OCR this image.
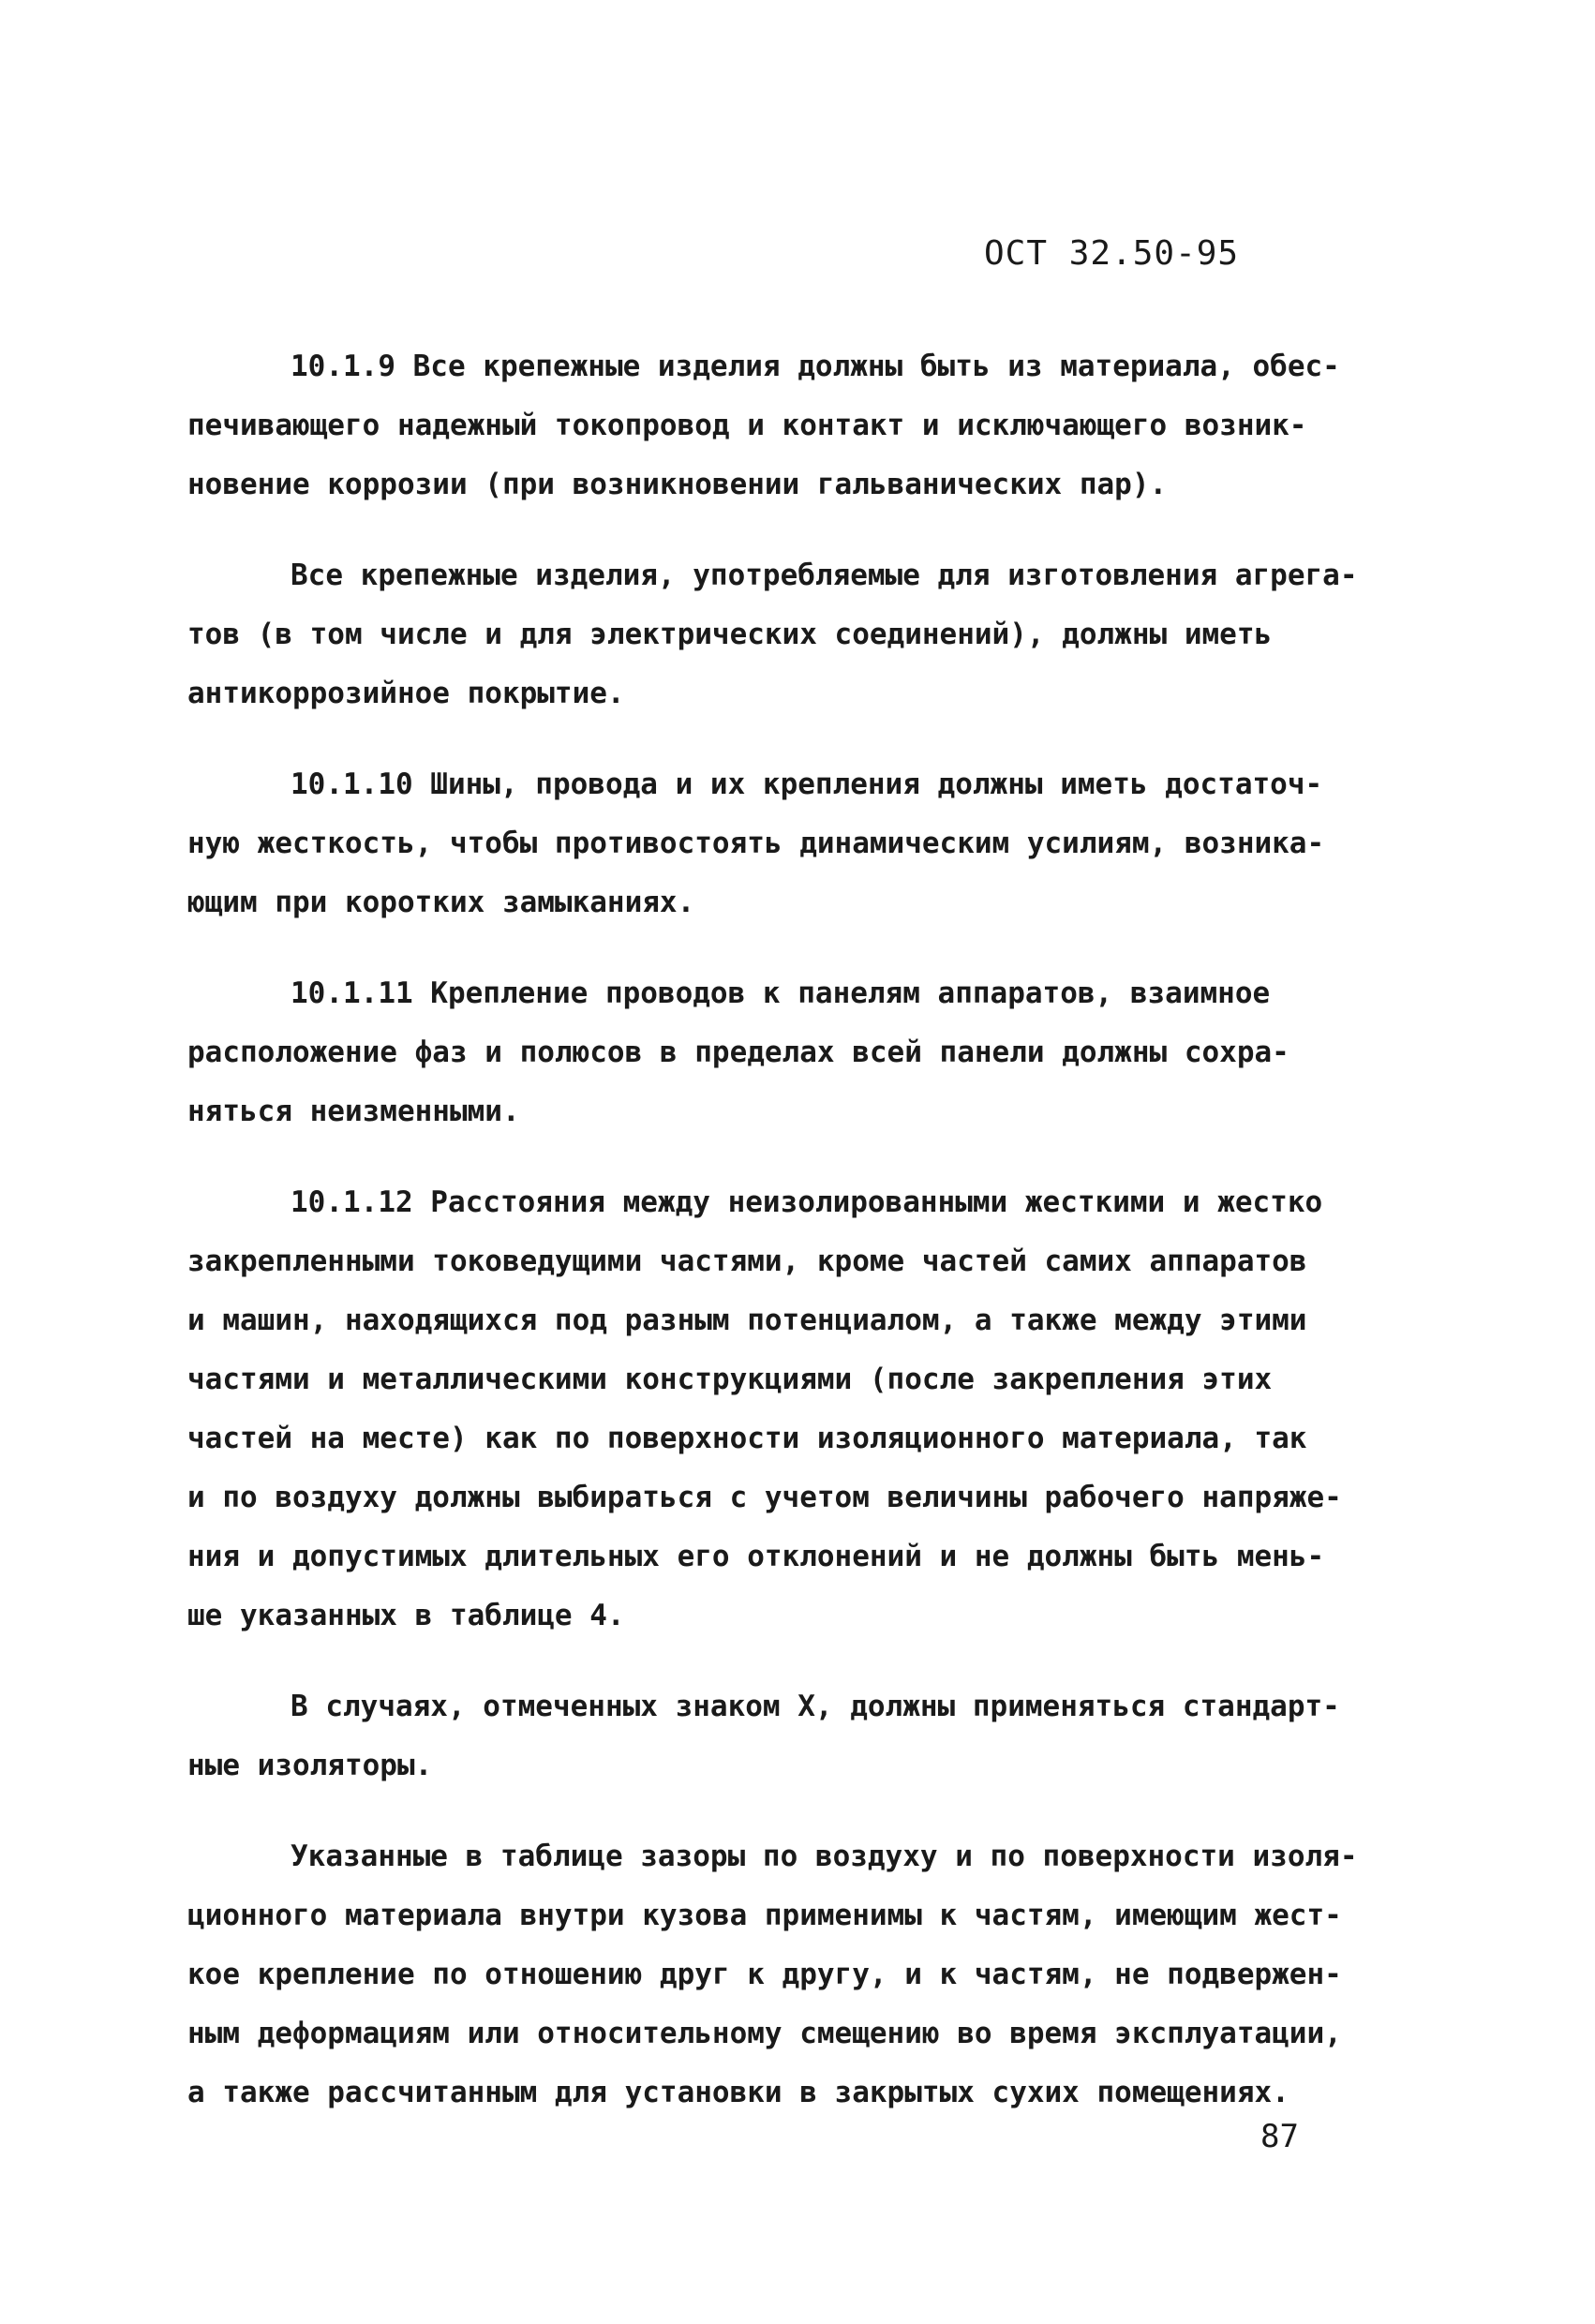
ОСТ 32.50-95
10.1.9 Все крепежные изделия должны быть из материала, обес-
печивающего надежный токопровод и контакт и исключающего возник-
новение коррозии (при возникновении гальванических пар).
Все крепежные изделия, употребляемые для изготовления агрега-
тов (в том числе и для электрических соединений), должны иметь
антикоррозийное покрытие.
10.1.10 Шины, провода и их крепления должны иметь достаточ-
ную жесткость, чтобы противостоять динамическим усилиям, возника-
ющим при коротких замыканиях.
10.1.11 Крепление проводов к панелям аппаратов, взаимное
расположение фаз и полюсов в пределах всей панели должны сохра-
няться неизменными.
10.1.12 Расстояния между неизолированными жесткими и жестко
закрепленными токоведущими частями, кроме частей самих аппаратов
и машин, находящихся под разным потенциалом, а также между этими
частями и металлическими конструкциями (после закрепления этих
частей на месте) как по поверхности изоляционного материала, так
и по воздуху должны выбираться с учетом величины рабочего напряже-
ния и допустимых длительных его отклонений и не должны быть мень-
ше указанных в таблице 4.
В случаях, отмеченных знаком Х, должны применяться стандарт-
ные изоляторы.
Указанные в таблице зазоры по воздуху и по поверхности изоля-
ционного материала внутри кузова применимы к частям, имеющим жест-
кое крепление по отношению друг к другу, и к частям, не подвержен-
ным деформациям или относительному смещению во время эксплуатации,
а также рассчитанным для установки в закрытых сухих помещениях.
87
